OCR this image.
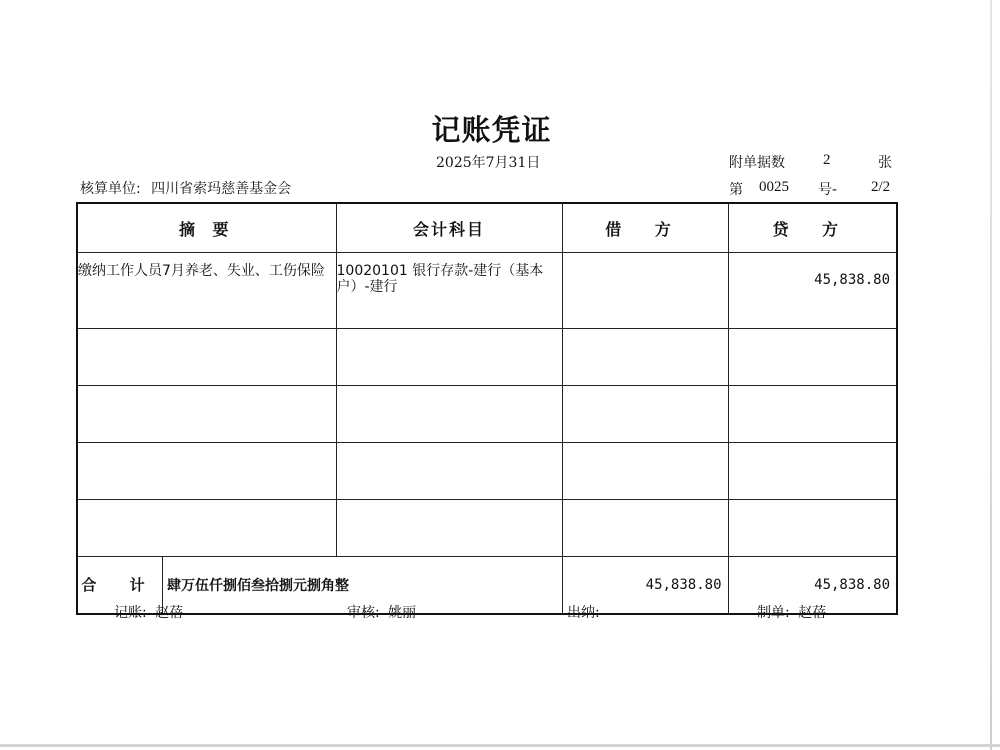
记账凭证
2025年7月31日	附单据数	2	张
核算单位: 四川省索玛慈善基金会	第 0025 号- 2/2
摘 要	会计科目	借 方	贷 方
缴纳工作人员7月养老、失业、工伤保险	10020101 银行存款-建行（基本户）-建行		45,838.80

合 计 肆万伍仟捌佰叁拾捌元捌角整		45,838.80	45,838.80
记账: 赵蓓	审核: 姚丽	出纳:	制单: 赵蓓
